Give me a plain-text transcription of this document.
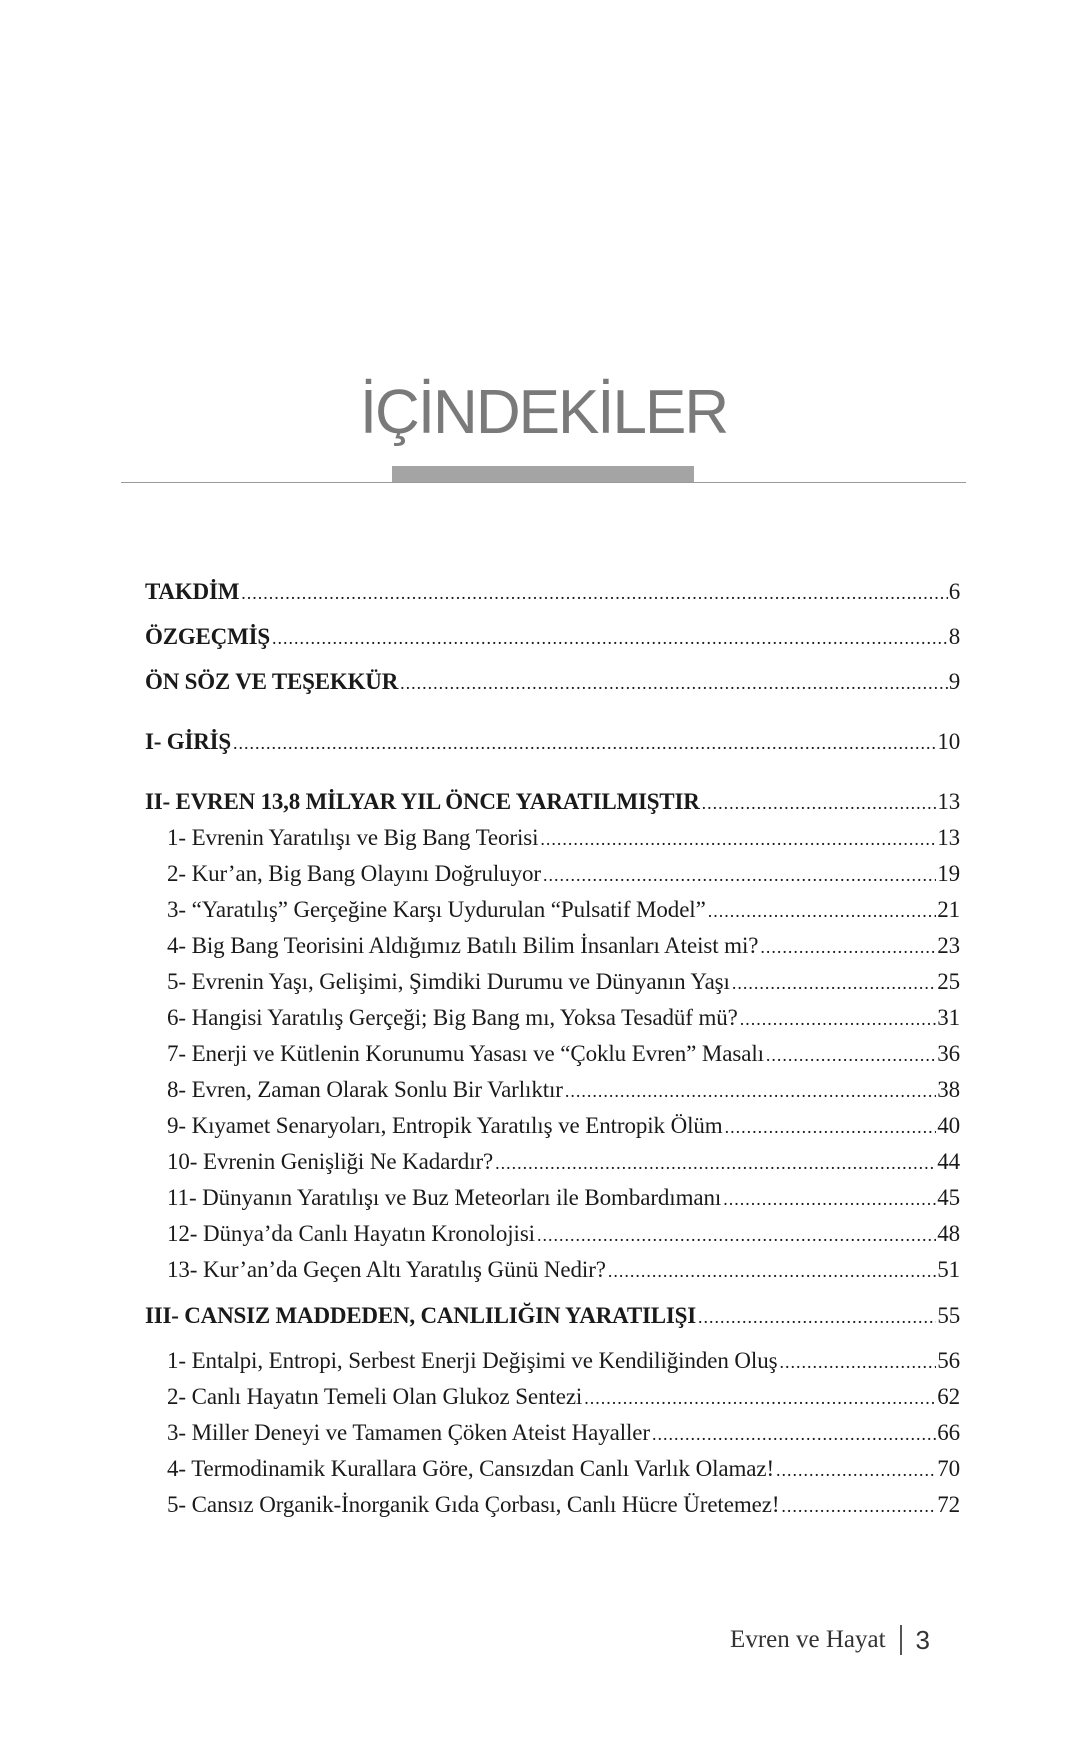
İÇİNDEKİLER
TAKDİM .....	6
ÖZGEÇMİŞ .....	8
ÖN SÖZ VE TEŞEKKÜR .....	9
I- GİRİŞ .....	10
II- EVREN 13,8 MİLYAR YIL ÖNCE YARATILMIŞTIR .....	13
1- Evrenin Yaratılışı ve Big Bang Teorisi .....	13
2- Kur’an, Big Bang Olayını Doğruluyor .....	19
3- “Yaratılış” Gerçeğine Karşı Uydurulan “Pulsatif Model” .....	21
4- Big Bang Teorisini Aldığımız Batılı Bilim İnsanları Ateist mi? .....	23
5- Evrenin Yaşı, Gelişimi, Şimdiki Durumu ve Dünyanın Yaşı .....	25
6- Hangisi Yaratılış Gerçeği; Big Bang mı, Yoksa Tesadüf mü? .....	31
7- Enerji ve Kütlenin Korunumu Yasası ve “Çoklu Evren” Masalı .....	36
8- Evren, Zaman Olarak Sonlu Bir Varlıktır .....	38
9- Kıyamet Senaryoları, Entropik Yaratılış ve Entropik Ölüm .....	40
10- Evrenin Genişliği Ne Kadardır? .....	44
11- Dünyanın Yaratılışı ve Buz Meteorları ile Bombardımanı .....	45
12- Dünya’da Canlı Hayatın Kronolojisi .....	48
13- Kur’an’da Geçen Altı Yaratılış Günü Nedir? .....	51
III- CANSIZ MADDEDEN, CANLILIĞIN YARATILIŞI .....	55
1- Entalpi, Entropi, Serbest Enerji Değişimi ve Kendiliğinden Oluş .....	56
2- Canlı Hayatın Temeli Olan Glukoz Sentezi .....	62
3- Miller Deneyi ve Tamamen Çöken Ateist Hayaller .....	66
4- Termodinamik Kurallara Göre, Cansızdan Canlı Varlık Olamaz! .....	70
5- Cansız Organik-İnorganik Gıda Çorbası, Canlı Hücre Üretemez! .....	72
Evren ve Hayat 3
